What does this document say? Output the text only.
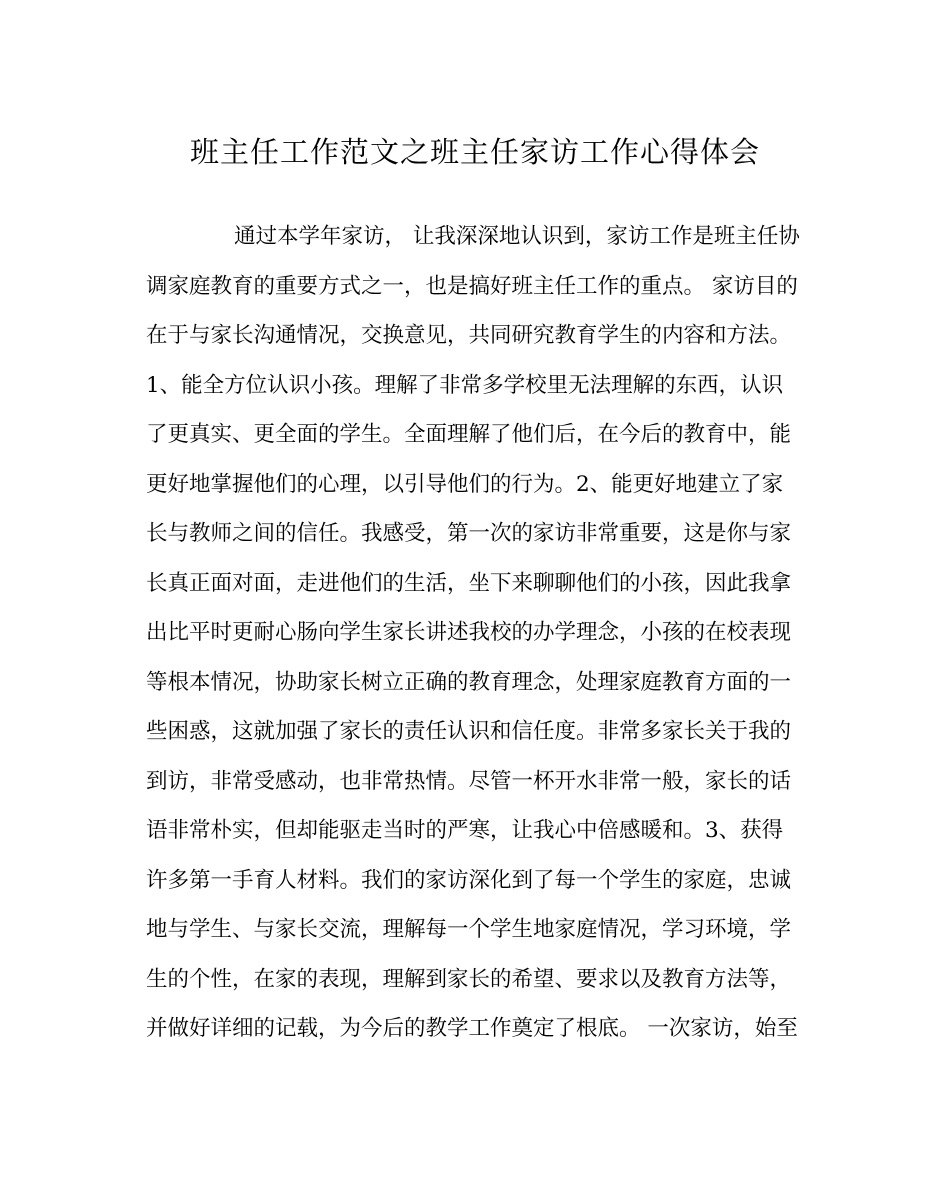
班主任工作范文之班主任家访工作心得体会
通过本学年家访， 让我深深地认识到，家访工作是班主任协
调家庭教育的重要方式之一，也是搞好班主任工作的重点。 家访目的
在于与家长沟通情况，交换意见，共同研究教育学生的内容和方法。
1、能全方位认识小孩。理解了非常多学校里无法理解的东西，认识
了更真实、更全面的学生。全面理解了他们后，在今后的教育中，能
更好地掌握他们的心理，以引导他们的行为。2、能更好地建立了家
长与教师之间的信任。我感受，第一次的家访非常重要，这是你与家
长真正面对面，走进他们的生活，坐下来聊聊他们的小孩，因此我拿
出比平时更耐心肠向学生家长讲述我校的办学理念，小孩的在校表现
等根本情况，协助家长树立正确的教育理念，处理家庭教育方面的一
些困惑，这就加强了家长的责任认识和信任度。非常多家长关于我的
到访，非常受感动，也非常热情。尽管一杯开水非常一般，家长的话
语非常朴实，但却能驱走当时的严寒，让我心中倍感暖和。3、获得
许多第一手育人材料。我们的家访深化到了每一个学生的家庭，忠诚
地与学生、与家长交流，理解每一个学生地家庭情况，学习环境，学
生的个性，在家的表现，理解到家长的希望、要求以及教育方法等，
并做好详细的记载，为今后的教学工作奠定了根底。 一次家访，始至
